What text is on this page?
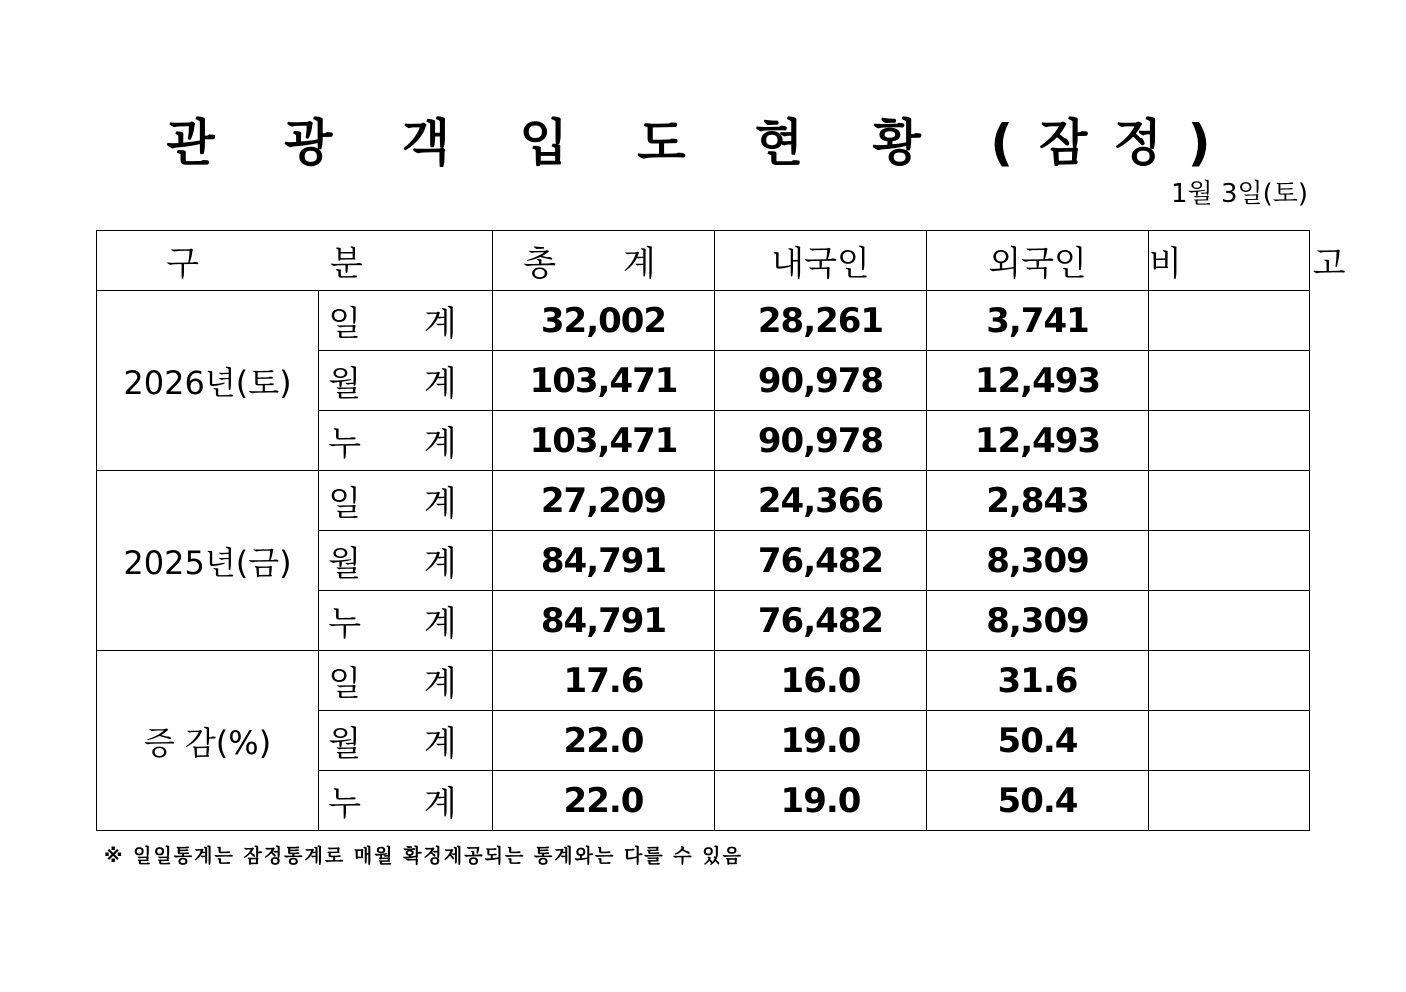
관 광 객 입 도 현 황 (잠정)
1월 3일(토)
구 분		총 계	내국인	외국인	비 고
2026년(토)	일 계	32,002	28,261	3,741	
	월 계	103,471	90,978	12,493	
	누 계	103,471	90,978	12,493	
2025년(금)	일 계	27,209	24,366	2,843	
	월 계	84,791	76,482	8,309	
	누 계	84,791	76,482	8,309	
증 감(%)	일 계	17.6	16.0	31.6	
	월 계	22.0	19.0	50.4	
	누 계	22.0	19.0	50.4	
※ 일일통계는 잠정통계로 매월 확정제공되는 통계와는 다를 수 있음
